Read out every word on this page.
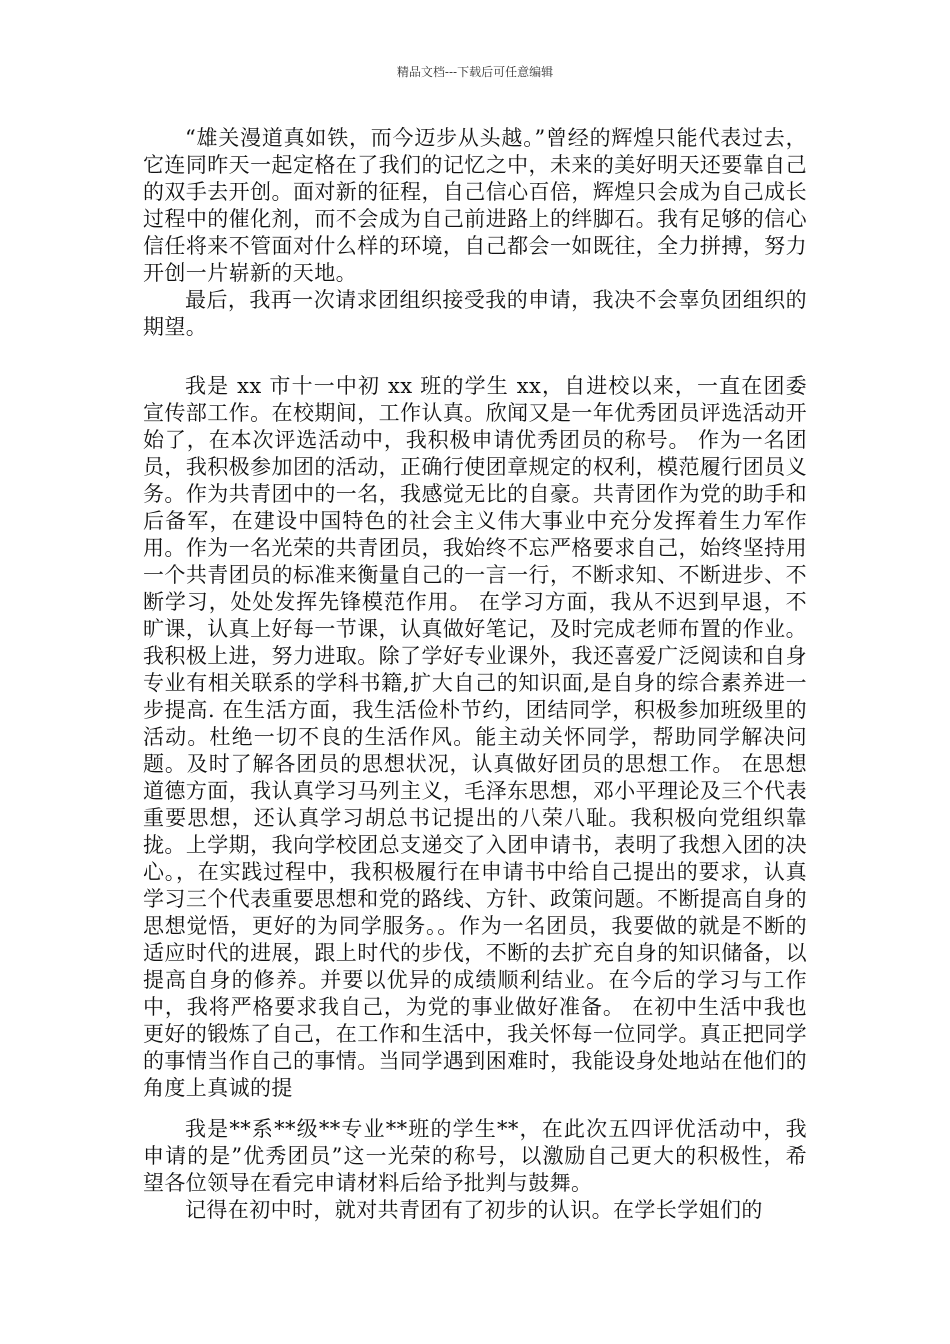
精品文档---下载后可任意编辑

“雄关漫道真如铁，而今迈步从头越。”曾经的辉煌只能代表过去，它连同昨天一起定格在了我们的记忆之中，未来的美好明天还要靠自己的双手去开创。面对新的征程，自己信心百倍，辉煌只会成为自己成长过程中的催化剂，而不会成为自己前进路上的绊脚石。我有足够的信心信任将来不管面对什么样的环境，自己都会一如既往，全力拼搏，努力开创一片崭新的天地。

最后，我再一次请求团组织接受我的申请，我决不会辜负团组织的期望。

我是 xx 市十一中初 xx 班的学生 xx，自进校以来，一直在团委宣传部工作。在校期间，工作认真。欣闻又是一年优秀团员评选活动开始了，在本次评选活动中，我积极申请优秀团员的称号。 作为一名团员，我积极参加团的活动，正确行使团章规定的权利，模范履行团员义务。作为共青团中的一名，我感觉无比的自豪。共青团作为党的助手和后备军，在建设中国特色的社会主义伟大事业中充分发挥着生力军作用。作为一名光荣的共青团员，我始终不忘严格要求自己，始终坚持用一个共青团员的标准来衡量自己的一言一行，不断求知、不断进步、不断学习，处处发挥先锋模范作用。 在学习方面，我从不迟到早退，不旷课，认真上好每一节课，认真做好笔记，及时完成老师布置的作业。我积极上进，努力进取。除了学好专业课外，我还喜爱广泛阅读和自身专业有相关联系的学科书籍,扩大自己的知识面,是自身的综合素养进一步提高. 在生活方面，我生活俭朴节约，团结同学，积极参加班级里的活动。杜绝一切不良的生活作风。能主动关怀同学，帮助同学解决问题。及时了解各团员的思想状况，认真做好团员的思想工作。 在思想道德方面，我认真学习马列主义，毛泽东思想，邓小平理论及三个代表重要思想，还认真学习胡总书记提出的八荣八耻。我积极向党组织靠拢。上学期，我向学校团总支递交了入团申请书，表明了我想入团的决心。，在实践过程中，我积极履行在申请书中给自己提出的要求，认真学习三个代表重要思想和党的路线、方针、政策问题。不断提高自身的思想觉悟，更好的为同学服务。。作为一名团员，我要做的就是不断的适应时代的进展，跟上时代的步伐，不断的去扩充自身的知识储备，以提高自身的修养。并要以优异的成绩顺利结业。在今后的学习与工作中，我将严格要求我自己，为党的事业做好准备。 在初中生活中我也更好的锻炼了自己，在工作和生活中，我关怀每一位同学。真正把同学的事情当作自己的事情。当同学遇到困难时，我能设身处地站在他们的角度上真诚的提

我是**系**级**专业**班的学生**，在此次五四评优活动中，我申请的是”优秀团员”这一光荣的称号，以激励自己更大的积极性，希望各位领导在看完申请材料后给予批判与鼓舞。

记得在初中时，就对共青团有了初步的认识。在学长学姐们的
